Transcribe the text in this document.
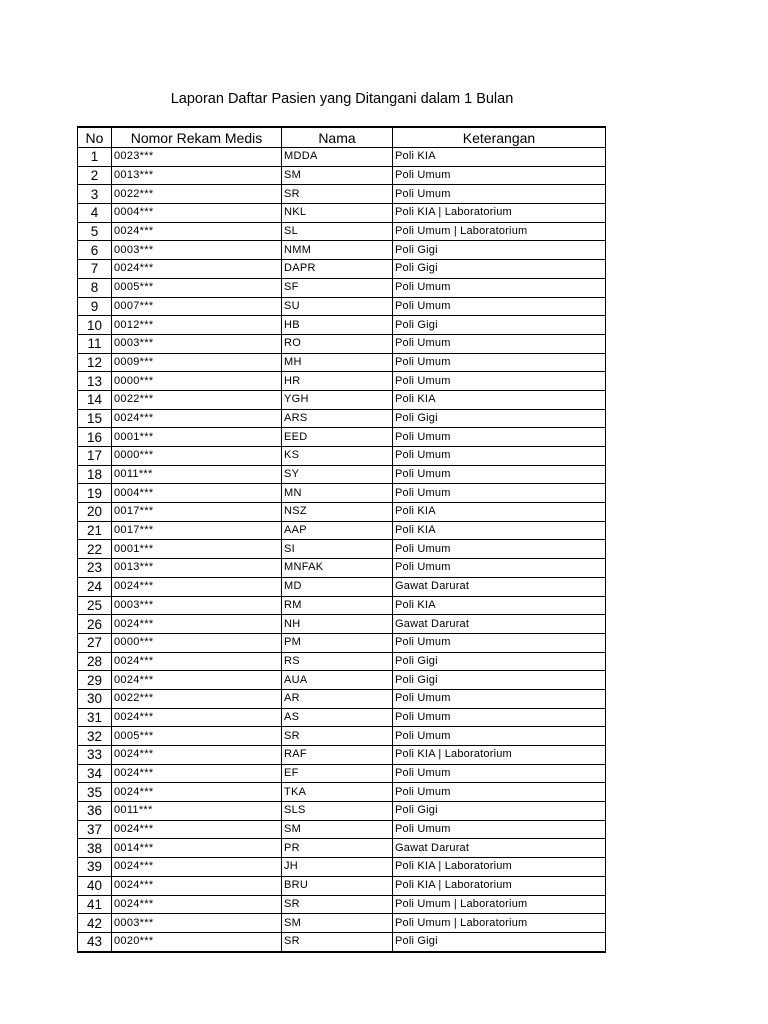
Laporan Daftar Pasien yang Ditangani dalam 1 Bulan
No	Nomor Rekam Medis	Nama	Keterangan
1	0023***	MDDA	Poli KIA
2	0013***	SM	Poli Umum
3	0022***	SR	Poli Umum
4	0004***	NKL	Poli KIA | Laboratorium
5	0024***	SL	Poli Umum | Laboratorium
6	0003***	NMM	Poli Gigi
7	0024***	DAPR	Poli Gigi
8	0005***	SF	Poli Umum
9	0007***	SU	Poli Umum
10	0012***	HB	Poli Gigi
11	0003***	RO	Poli Umum
12	0009***	MH	Poli Umum
13	0000***	HR	Poli Umum
14	0022***	YGH	Poli KIA
15	0024***	ARS	Poli Gigi
16	0001***	EED	Poli Umum
17	0000***	KS	Poli Umum
18	0011***	SY	Poli Umum
19	0004***	MN	Poli Umum
20	0017***	NSZ	Poli KIA
21	0017***	AAP	Poli KIA
22	0001***	SI	Poli Umum
23	0013***	MNFAK	Poli Umum
24	0024***	MD	Gawat Darurat
25	0003***	RM	Poli KIA
26	0024***	NH	Gawat Darurat
27	0000***	PM	Poli Umum
28	0024***	RS	Poli Gigi
29	0024***	AUA	Poli Gigi
30	0022***	AR	Poli Umum
31	0024***	AS	Poli Umum
32	0005***	SR	Poli Umum
33	0024***	RAF	Poli KIA | Laboratorium
34	0024***	EF	Poli Umum
35	0024***	TKA	Poli Umum
36	0011***	SLS	Poli Gigi
37	0024***	SM	Poli Umum
38	0014***	PR	Gawat Darurat
39	0024***	JH	Poli KIA | Laboratorium
40	0024***	BRU	Poli KIA | Laboratorium
41	0024***	SR	Poli Umum | Laboratorium
42	0003***	SM	Poli Umum | Laboratorium
43	0020***	SR	Poli Gigi
